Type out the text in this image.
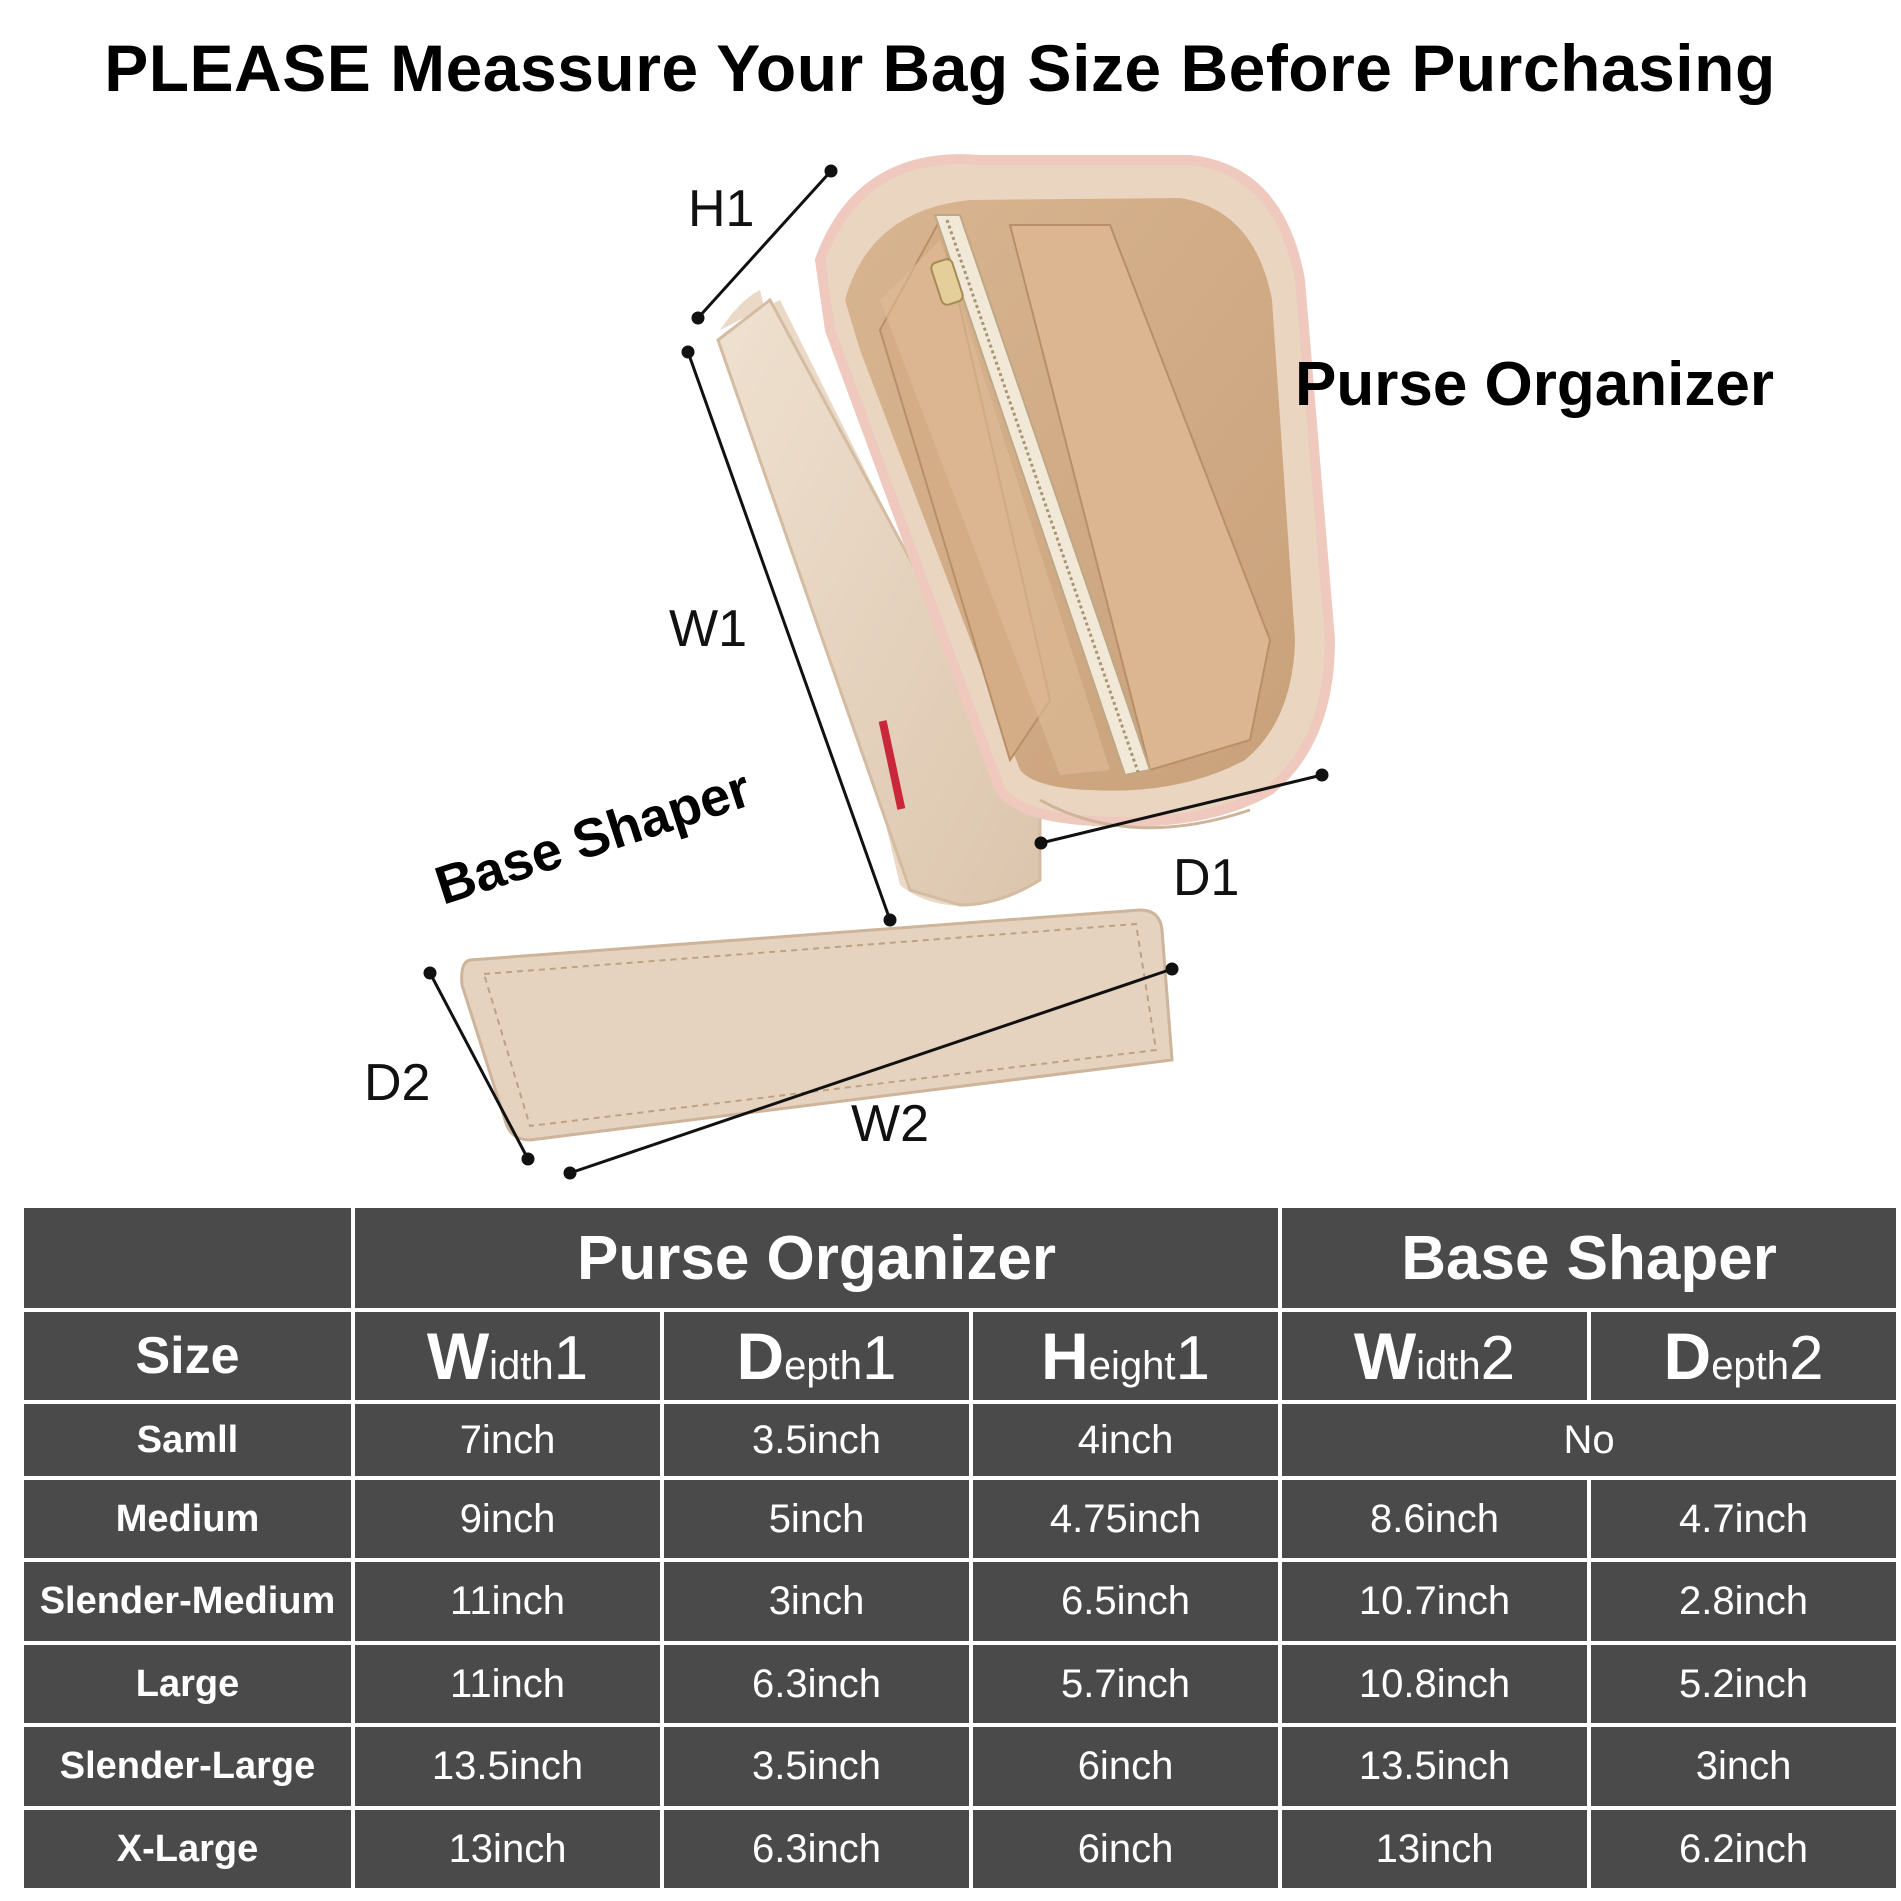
PLEASE Meassure Your Bag Size Before Purchasing
H1
W1
D1
D2
W2
Purse Organizer
Base Shaper
	Purse Organizer			Base Shaper	
Size	Width1	Depth1	Height1	Width2	Depth2
Samll	7inch	3.5inch	4inch	No	
Medium	9inch	5inch	4.75inch	8.6inch	4.7inch
Slender-Medium	11inch	3inch	6.5inch	10.7inch	2.8inch
Large	11inch	6.3inch	5.7inch	10.8inch	5.2inch
Slender-Large	13.5inch	3.5inch	6inch	13.5inch	3inch
X-Large	13inch	6.3inch	6inch	13inch	6.2inch
